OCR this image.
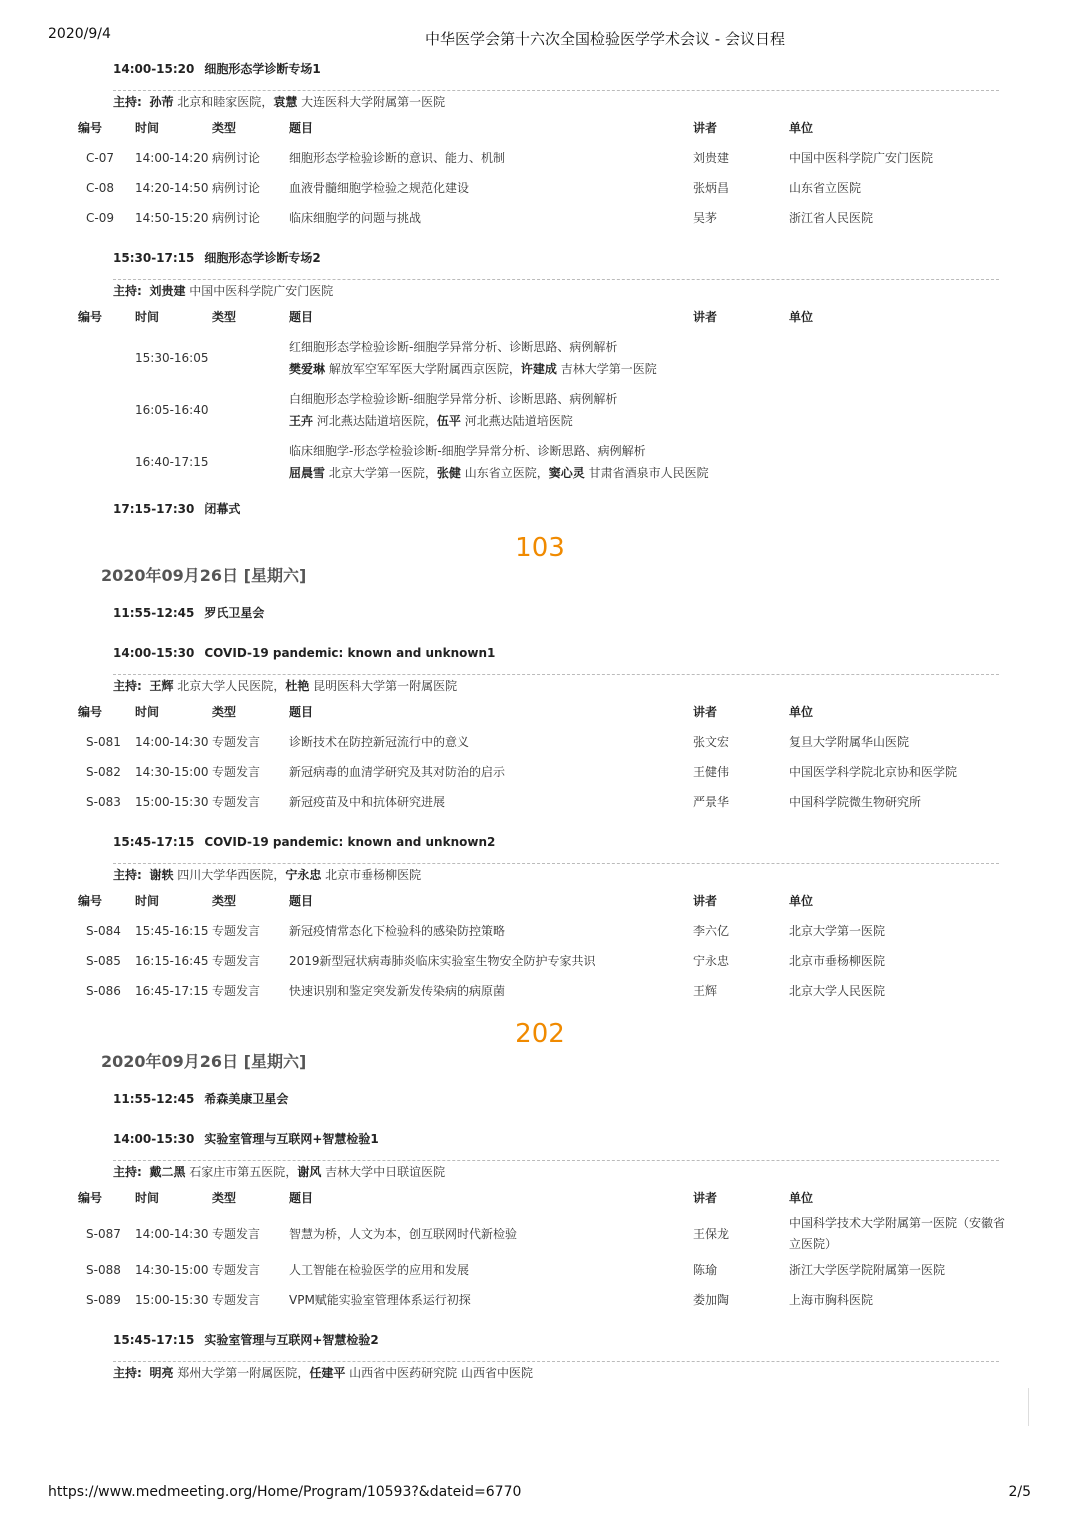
2020/9/4	中华医学会第十六次全国检验医学学术会议 - 会议日程
14:00-15:20 细胞形态学诊断专场1
主持: 孙芾 北京和睦家医院，袁慧 大连医科大学附属第一医院
编号	时间	类型	题目	讲者	单位
C-07 14:00-14:20 病例讨论 细胞形态学检验诊断的意识、能力、机制	刘贵建	中国中医科学院广安门医院
C-08 14:20-14:50 病例讨论 血液骨髓细胞学检验之规范化建设	张炳昌	山东省立医院
C-09 14:50-15:20 病例讨论 临床细胞学的问题与挑战	吴茅	浙江省人民医院
15:30-17:15 细胞形态学诊断专场2
主持: 刘贵建 中国中医科学院广安门医院
编号	时间	类型	题目	讲者	单位
15:30-16:05
红细胞形态学检验诊断-细胞学异常分析、诊断思路、病例解析
樊爱琳 解放军空军军医大学附属西京医院，许建成 吉林大学第一医院
16:05-16:40
白细胞形态学检验诊断-细胞学异常分析、诊断思路、病例解析
王卉 河北燕达陆道培医院，伍平 河北燕达陆道培医院
16:40-17:15
临床细胞学-形态学检验诊断-细胞学异常分析、诊断思路、病例解析
屈晨雪 北京大学第一医院，张健 山东省立医院，窦心灵 甘肃省酒泉市人民医院
17:15-17:30 闭幕式
103
2020年09月26日 [星期六]
11:55-12:45 罗氏卫星会
14:00-15:30 COVID-19 pandemic: known and unknown1
主持: 王辉 北京大学人民医院，杜艳 昆明医科大学第一附属医院
编号	时间	类型	题目	讲者	单位
S-081 14:00-14:30 专题发言 诊断技术在防控新冠流行中的意义	张文宏	复旦大学附属华山医院
S-082 14:30-15:00 专题发言 新冠病毒的血清学研究及其对防治的启示	王健伟	中国医学科学院北京协和医学院
S-083 15:00-15:30 专题发言 新冠疫苗及中和抗体研究进展	严景华	中国科学院微生物研究所
15:45-17:15 COVID-19 pandemic: known and unknown2
主持: 谢轶 四川大学华西医院，宁永忠 北京市垂杨柳医院
编号	时间	类型	题目	讲者	单位
S-084 15:45-16:15 专题发言 新冠疫情常态化下检验科的感染防控策略	李六亿	北京大学第一医院
S-085 16:15-16:45 专题发言 2019新型冠状病毒肺炎临床实验室生物安全防护专家共识	宁永忠	北京市垂杨柳医院
S-086 16:45-17:15 专题发言 快速识别和鉴定突发新发传染病的病原菌	王辉	北京大学人民医院
202
2020年09月26日 [星期六]
11:55-12:45 希森美康卫星会
14:00-15:30 实验室管理与互联网+智慧检验1
主持: 戴二黑 石家庄市第五医院，谢风 吉林大学中日联谊医院
编号	时间	类型	题目	讲者	单位
S-087 14:00-14:30 专题发言 智慧为桥，人文为本，创互联网时代新检验	王保龙
中国科学技术大学附属第一医院（安徽省立医院）
S-088 14:30-15:00 专题发言 人工智能在检验医学的应用和发展	陈瑜	浙江大学医学院附属第一医院
S-089 15:00-15:30 专题发言 VPM赋能实验室管理体系运行初探	娄加陶	上海市胸科医院
15:45-17:15 实验室管理与互联网+智慧检验2
主持: 明亮 郑州大学第一附属医院，任建平 山西省中医药研究院 山西省中医院
https://www.medmeeting.org/Home/Program/10593?&dateid=6770	2/5
